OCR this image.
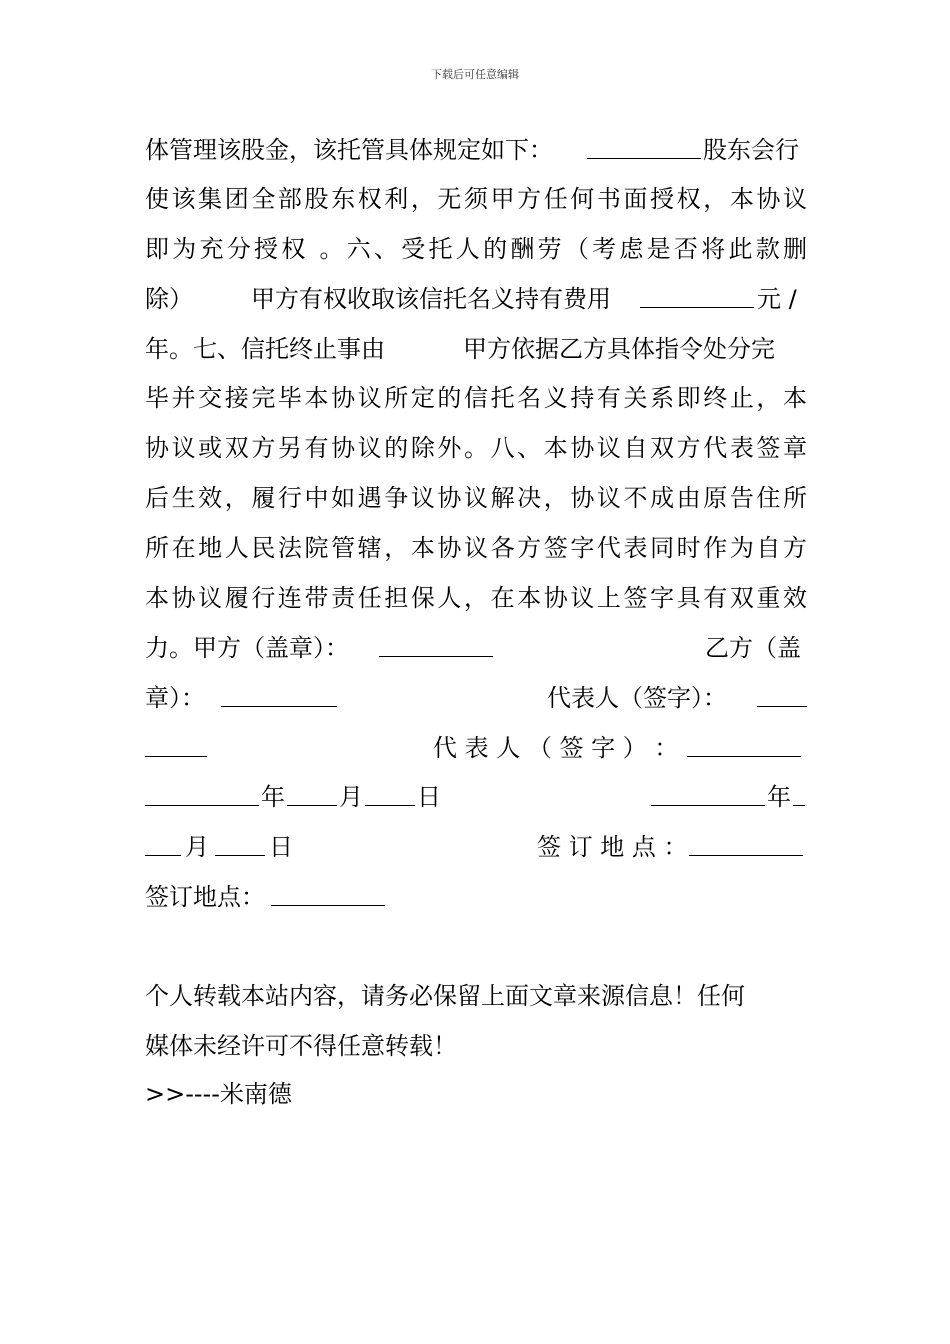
下载后可任意编辑
体管理该股金，该托管具体规定如下：	股东会行
使该集团全部股东权利，无须甲方任何书面授权，本协议
即为充分授权 。六、受托人的酬劳（考虑是否将此款删
除） 甲方有权收取该信托名义持有费用	元 /
年。七、信托终止事由	甲方依据乙方具体指令处分完
毕并交接完毕本协议所定的信托名义持有关系即终止，本
协议或双方另有协议的除外。八、本协议自双方代表签章
后生效，履行中如遇争议协议解决，协议不成由原告住所
所在地人民法院管辖，本协议各方签字代表同时作为自方
本协议履行连带责任担保人，在本协议上签字具有双重效
力。甲方（盖章）：	乙方（盖
章）：	代表人（签字）：
代 表 人 （ 签 字 ） ：
年 月 日	年
月	日	签 订 地 点 ：
签订地点：
个人转载本站内容，请务必保留上面文章来源信息！任何
媒体未经许可不得任意转载！
>>----米南德
